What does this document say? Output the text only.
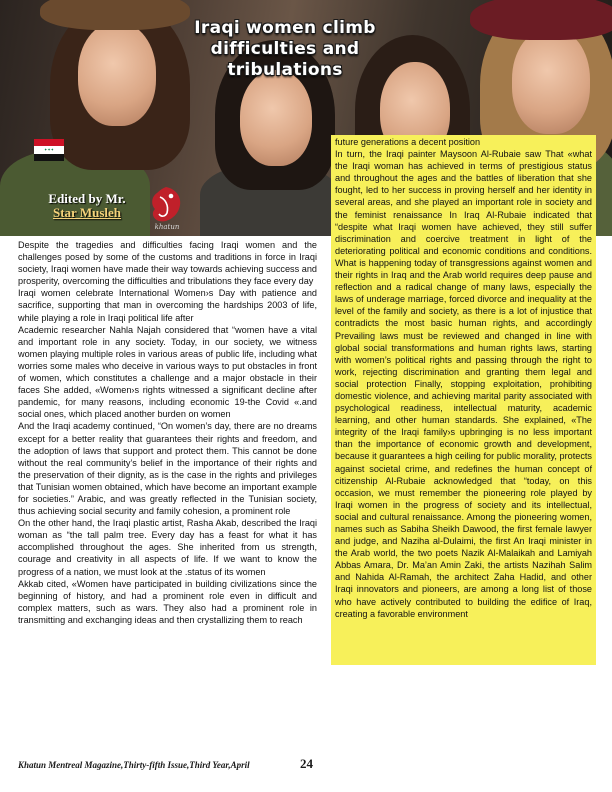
Iraqi women climb difficulties and tribulations
✦✦✦
Edited by Mr.
Star Musleh
khatun

Despite the tragedies and difficulties facing Iraqi women and the challenges posed by some of the customs and traditions in force in Iraqi society, Iraqi women have made their way towards achieving success and prosperity, overcoming the difficulties and tribulations they face every day

Iraqi women celebrate International Women›s Day with patience and sacrifice, supporting that man in overcoming the hardships 2003 of life, while playing a role in Iraqi political life after

Academic researcher Nahla Najah considered that “women have a vital and important role in any society. Today, in our society, we witness women playing multiple roles in various areas of public life, including what worries some males who deceive in various ways to put obstacles in front of women, which constitutes a challenge and a major obstacle in their faces She added, «Women›s rights witnessed a significant decline after pandemic, for many reasons, including economic 19-the Covid «.and social ones, which placed another burden on women

And the Iraqi academy continued, “On women’s day, there are no dreams except for a better reality that guarantees their rights and freedom, and the adoption of laws that support and protect them. This cannot be done without the real community’s belief in the importance of their rights and the preservation of their dignity, as is the case in the rights and privileges that Tunisian women obtained, which have become an important example for societies.” Arabic, and was greatly reflected in the Tunisian society, thus achieving social security and family cohesion, a prominent role

On the other hand, the Iraqi plastic artist, Rasha Akab, described the Iraqi woman as “the tall palm tree. Every day has a feast for what it has accomplished throughout the ages. She inherited from us strength, courage and creativity in all aspects of life. If we want to know the progress of a nation, we must look at the .status of its women

Akkab cited, «Women have participated in building civilizations since the beginning of history, and had a prominent role even in difficult and complex matters, such as wars. They also had a prominent role in transmitting and exchanging ideas and then crystallizing them to reach

future generations a decent position

In turn, the Iraqi painter Maysoon Al-Rubaie saw That «what the Iraqi woman has achieved in terms of prestigious status and throughout the ages and the battles of liberation that she fought, led to her success in proving herself and her identity in several areas, and she played an important role in society and the feminist renaissance In Iraq Al-Rubaie indicated that “despite what Iraqi women have achieved, they still suffer discrimination and coercive treatment in light of the deteriorating political and economic conditions and conditions. What is happening today of transgressions against women and their rights in Iraq and the Arab world requires deep pause and reflection and a radical change of many laws, especially the laws of underage marriage, forced divorce and inequality at the level of the family and society, as there is a lot of injustice that contradicts the most basic human rights, and accordingly Prevailing laws must be reviewed and changed in line with global social transformations and human rights laws, starting with women’s political rights and passing through the right to work, rejecting discrimination and granting them legal and social protection Finally, stopping exploitation, prohibiting domestic violence, and achieving marital parity associated with psychological readiness, intellectual maturity, academic learning, and other human standards. She explained, «The integrity of the Iraqi family›s upbringing is no less important than the importance of economic growth and development, because it guarantees a high ceiling for public morality, protects against societal crime, and redefines the human concept of citizenship Al-Rubaie acknowledged that “today, on this occasion, we must remember the pioneering role played by Iraqi women in the progress of society and its intellectual, social and cultural renaissance. Among the pioneering women, names such as Sabiha Sheikh Dawood, the first female lawyer and judge, and Naziha al-Dulaimi, the first An Iraqi minister in the Arab world, the two poets Nazik Al-Malaikah and Lamiyah Abbas Amara, Dr. Ma’an Amin Zaki, the artists Nazihah Salim and Nahida Al-Ramah, the architect Zaha Hadid, and other Iraqi innovators and pioneers, are among a long list of those who have actively contributed to building the edifice of Iraq, creating a favorable environment

Khatun Mentreal Magazine,Thirty-fifth Issue,Third Year,April	24
